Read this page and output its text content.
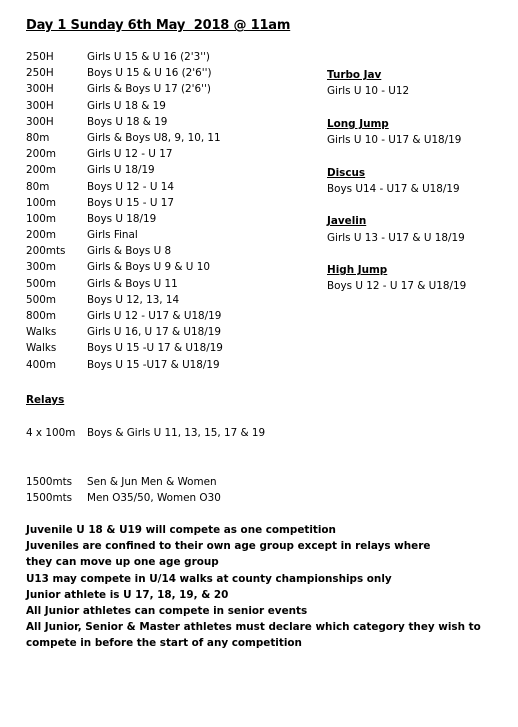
Day 1 Sunday 6th May  2018 @ 11am
250H	Girls U 15 & U 16 (2'3'')
250H	Boys U 15 & U 16 (2'6'')
300H	Girls & Boys U 17 (2'6'')
300H	Girls U 18 & 19
300H	Boys U 18 & 19
80m	Girls & Boys U8, 9, 10, 11
200m	Girls U 12 - U 17
200m	Girls U 18/19
80m	Boys U 12 - U 14
100m	Boys U 15 - U 17
100m	Boys U 18/19
200m	Girls Final
200mts Girls & Boys U 8
300m	Girls & Boys U 9 & U 10
500m	Girls & Boys U 11
500m	Boys U 12, 13, 14
800m	Girls U 12 - U17 & U18/19
Walks	Girls U 16, U 17 & U18/19
Walks	Boys U 15 -U 17 & U18/19
400m	Boys U 15 -U17 & U18/19
Turbo Jav
Girls U 10 - U12
Long Jump
Girls U 10 - U17 & U18/19
Discus
Boys U14 - U17 & U18/19
Javelin
Girls U 13 - U17 & U 18/19
High Jump
Boys U 12 - U 17 & U18/19
Relays
4 x 100m Boys & Girls U 11, 13, 15, 17 & 19
1500mts Sen & Jun Men & Women
1500mts Men O35/50, Women O30
Juvenile U 18 & U19 will compete as one competition
Juveniles are confined to their own age group except in relays where
they can move up one age group
U13 may compete in U/14 walks at county championships only
Junior athlete is U 17, 18, 19, & 20
All Junior athletes can compete in senior events
All Junior, Senior & Master athletes must declare which category they wish to
compete in before the start of any competition
